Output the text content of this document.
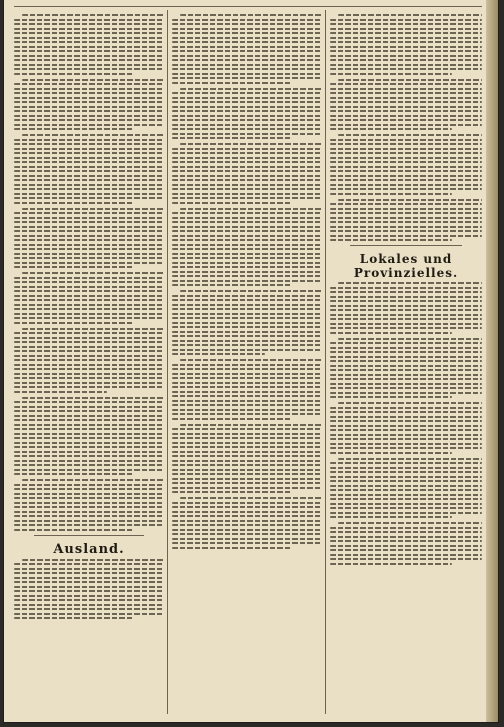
Ausland.
Lokales und Provinzielles.
